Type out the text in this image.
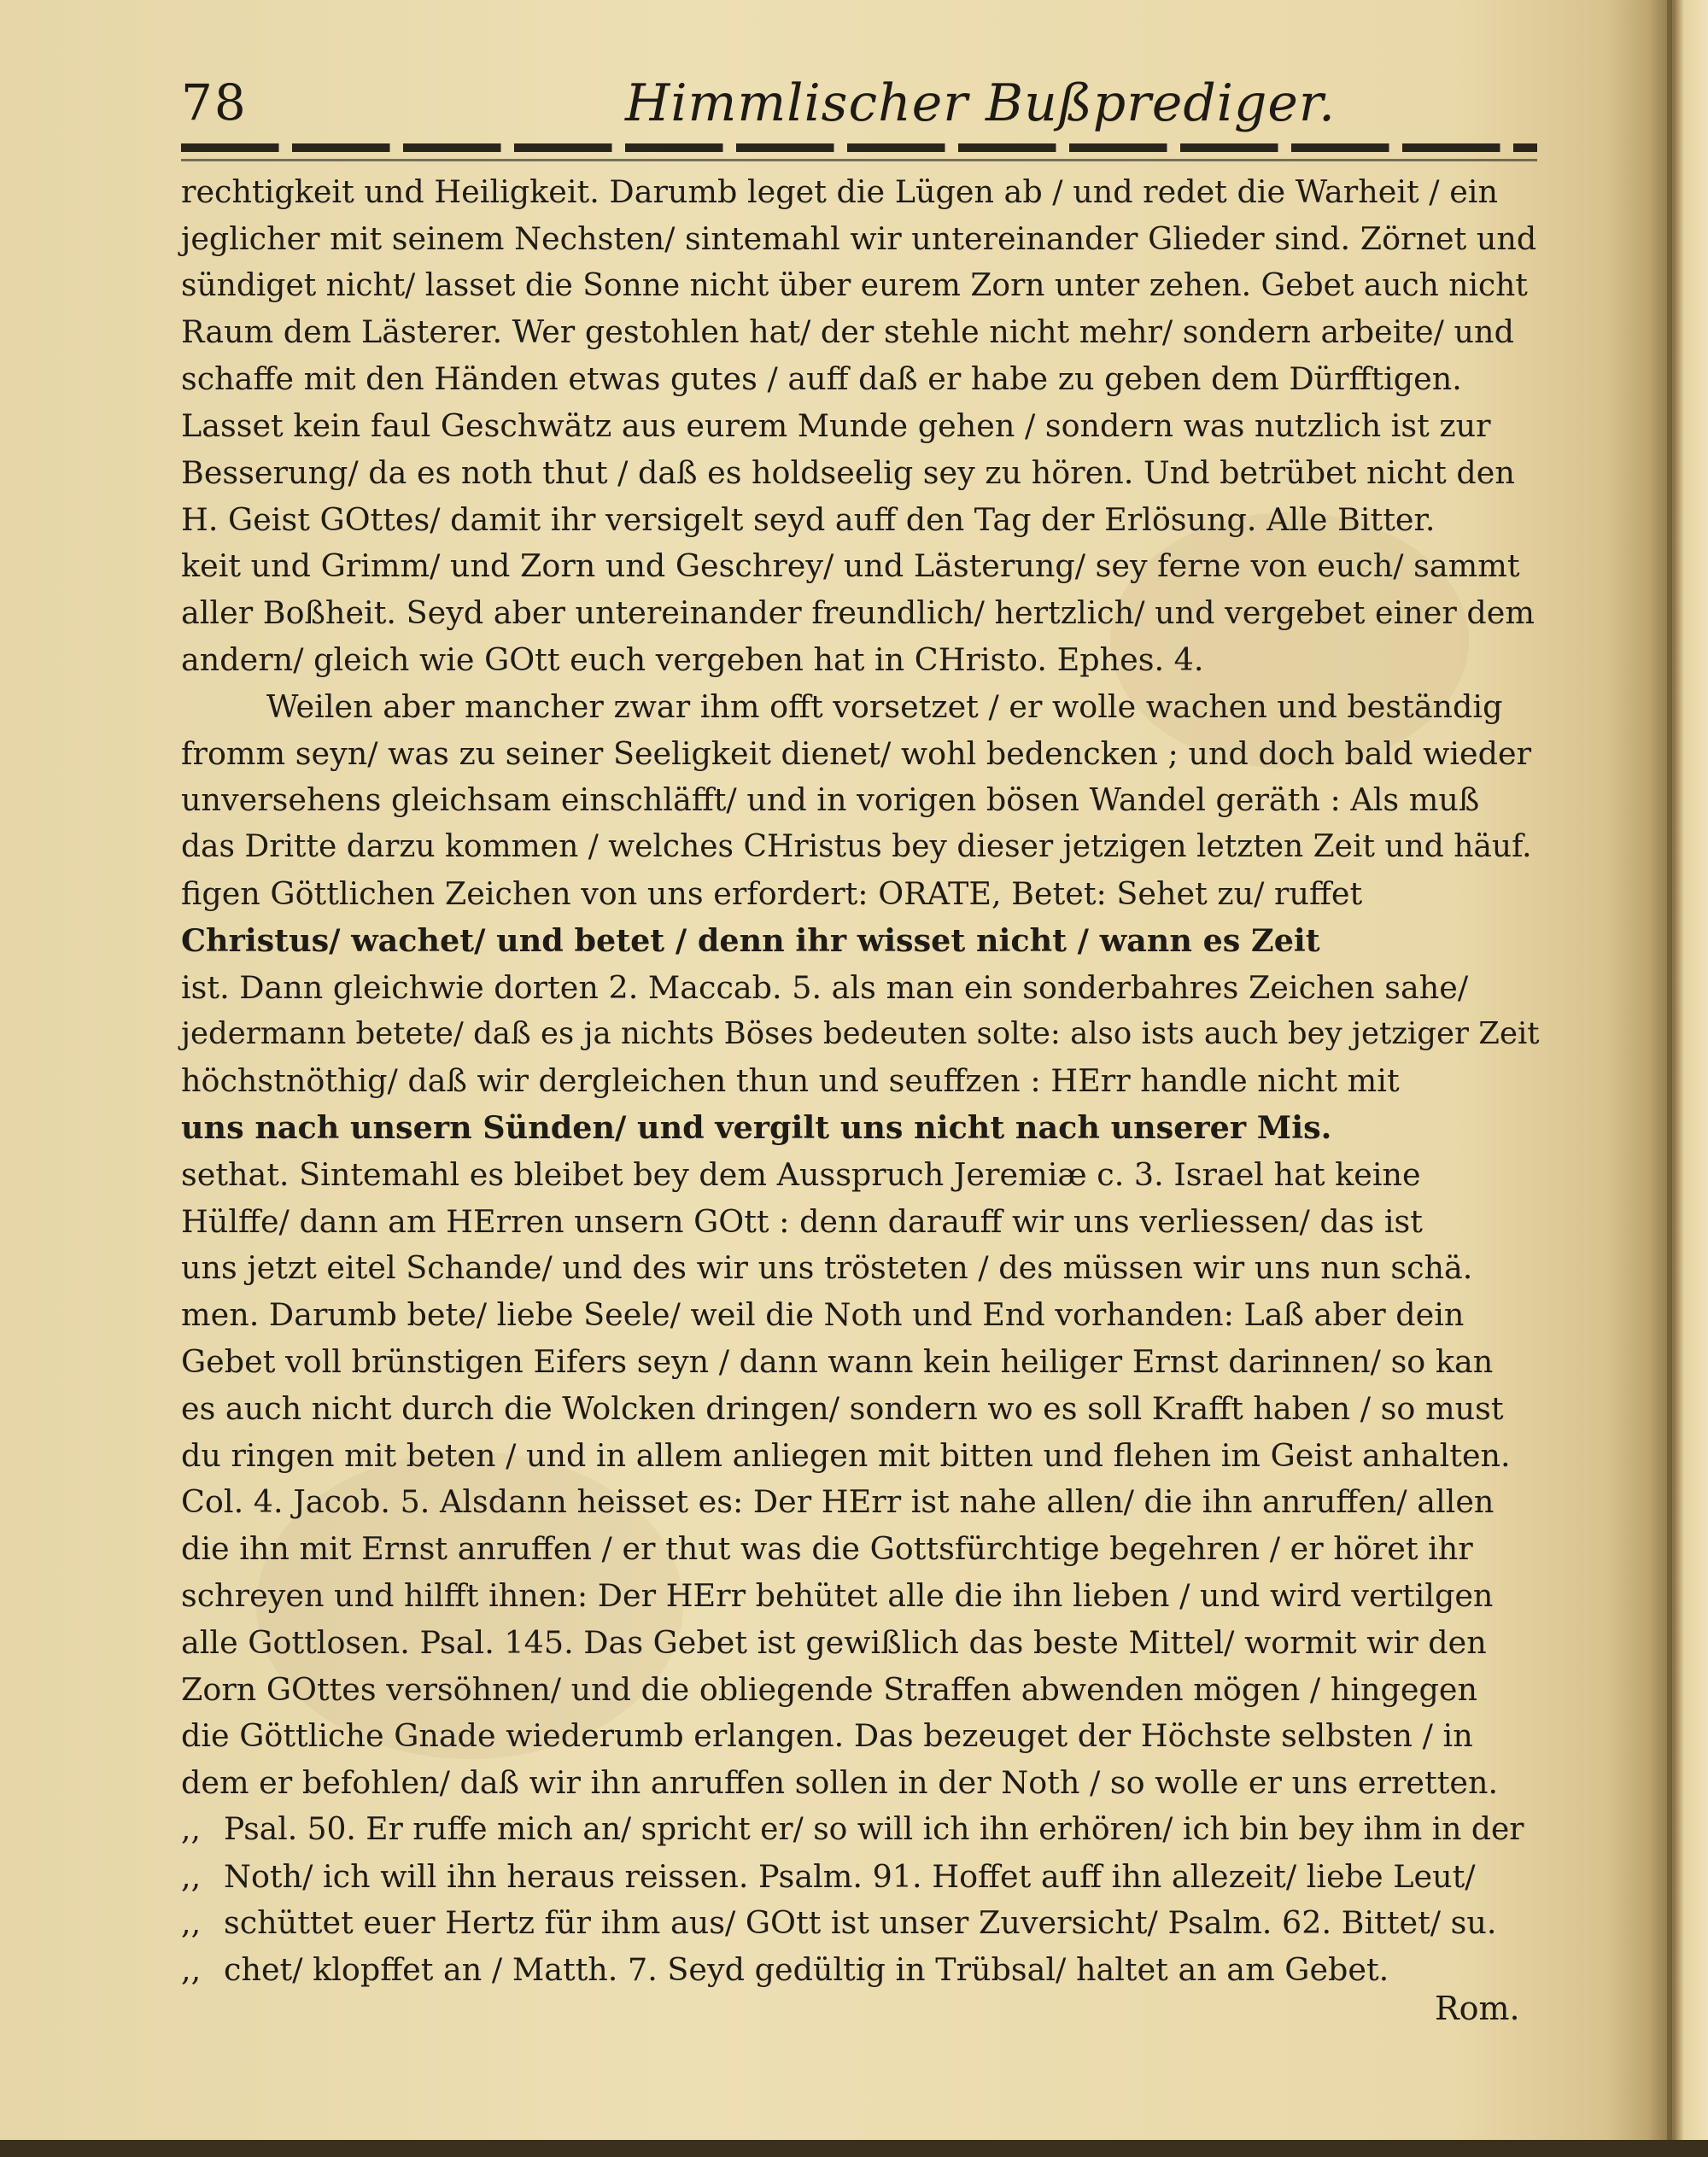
78	Himmlischer Bußprediger.
rechtigkeit und Heiligkeit. Darumb leget die Lügen ab / und redet die Warheit / ein
jeglicher mit seinem Nechsten/ sintemahl wir untereinander Glieder sind. Zörnet und
sündiget nicht/ lasset die Sonne nicht über eurem Zorn unter zehen. Gebet auch nicht
Raum dem Lästerer. Wer gestohlen hat/ der stehle nicht mehr/ sondern arbeite/ und
schaffe mit den Händen etwas gutes / auff daß er habe zu geben dem Dürfftigen.
Lasset kein faul Geschwätz aus eurem Munde gehen / sondern was nutzlich ist zur
Besserung/ da es noth thut / daß es holdseelig sey zu hören. Und betrübet nicht den
H. Geist GOttes/ damit ihr versigelt seyd auff den Tag der Erlösung. Alle Bitter.
keit und Grimm/ und Zorn und Geschrey/ und Lästerung/ sey ferne von euch/ sammt
aller Boßheit. Seyd aber untereinander freundlich/ hertzlich/ und vergebet einer dem
andern/ gleich wie GOtt euch vergeben hat in CHristo. Ephes. 4.
Weilen aber mancher zwar ihm offt vorsetzet / er wolle wachen und beständig
fromm seyn/ was zu seiner Seeligkeit dienet/ wohl bedencken ; und doch bald wieder
unversehens gleichsam einschläfft/ und in vorigen bösen Wandel geräth : Als muß
das Dritte darzu kommen / welches CHristus bey dieser jetzigen letzten Zeit und häuf.
figen Göttlichen Zeichen von uns erfordert: ORATE, Betet: Sehet zu/ ruffet
Christus/ wachet/ und betet / denn ihr wisset nicht / wann es Zeit
ist. Dann gleichwie dorten 2. Maccab. 5. als man ein sonderbahres Zeichen sahe/
jedermann betete/ daß es ja nichts Böses bedeuten solte: also ists auch bey jetziger Zeit
höchstnöthig/ daß wir dergleichen thun und seuffzen : HErr handle nicht mit
uns nach unsern Sünden/ und vergilt uns nicht nach unserer Mis.
sethat. Sintemahl es bleibet bey dem Ausspruch Jeremiæ c. 3. Israel hat keine
Hülffe/ dann am HErren unsern GOtt : denn darauff wir uns verliessen/ das ist
uns jetzt eitel Schande/ und des wir uns trösteten / des müssen wir uns nun schä.
men. Darumb bete/ liebe Seele/ weil die Noth und End vorhanden: Laß aber dein
Gebet voll brünstigen Eifers seyn / dann wann kein heiliger Ernst darinnen/ so kan
es auch nicht durch die Wolcken dringen/ sondern wo es soll Krafft haben / so must
du ringen mit beten / und in allem anliegen mit bitten und flehen im Geist anhalten.
Col. 4. Jacob. 5. Alsdann heisset es: Der HErr ist nahe allen/ die ihn anruffen/ allen
die ihn mit Ernst anruffen / er thut was die Gottsfürchtige begehren / er höret ihr
schreyen und hilfft ihnen: Der HErr behütet alle die ihn lieben / und wird vertilgen
alle Gottlosen. Psal. 145. Das Gebet ist gewißlich das beste Mittel/ wormit wir den
Zorn GOttes versöhnen/ und die obliegende Straffen abwenden mögen / hingegen
die Göttliche Gnade wiederumb erlangen. Das bezeuget der Höchste selbsten / in
dem er befohlen/ daß wir ihn anruffen sollen in der Noth / so wolle er uns erretten.
,, Psal. 50. Er ruffe mich an/ spricht er/ so will ich ihn erhören/ ich bin bey ihm in der
,, Noth/ ich will ihn heraus reissen. Psalm. 91. Hoffet auff ihn allezeit/ liebe Leut/
,, schüttet euer Hertz für ihm aus/ GOtt ist unser Zuversicht/ Psalm. 62. Bittet/ su.
,, chet/ klopffet an / Matth. 7. Seyd gedültig in Trübsal/ haltet an am Gebet.
Rom.
